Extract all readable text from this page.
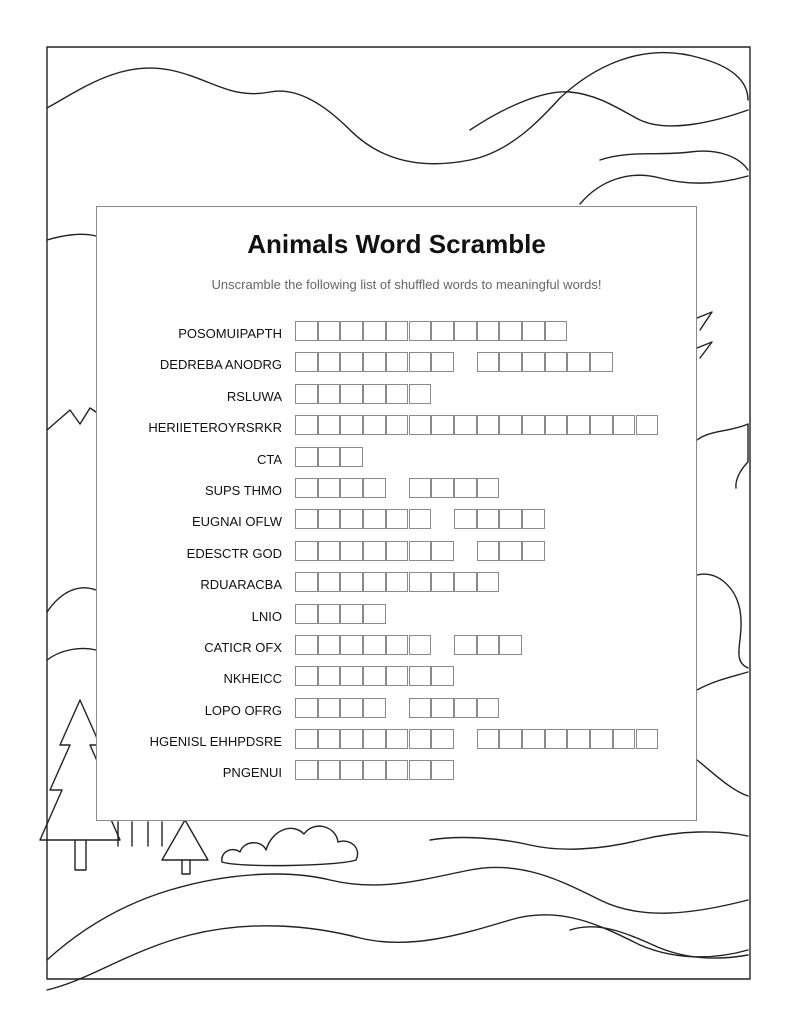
Animals Word Scramble
Unscramble the following list of shuffled words to meaningful words!
POSOMUIPAPTH
DEDREBA ANODRG
RSLUWA
HERIIETEROYRSRKR
CTA
SUPS THMO
EUGNAI OFLW
EDESCTR GOD
RDUARACBA
LNIO
CATICR OFX
NKHEICC
LOPO OFRG
HGENISL EHHPDSRE
PNGENUI
